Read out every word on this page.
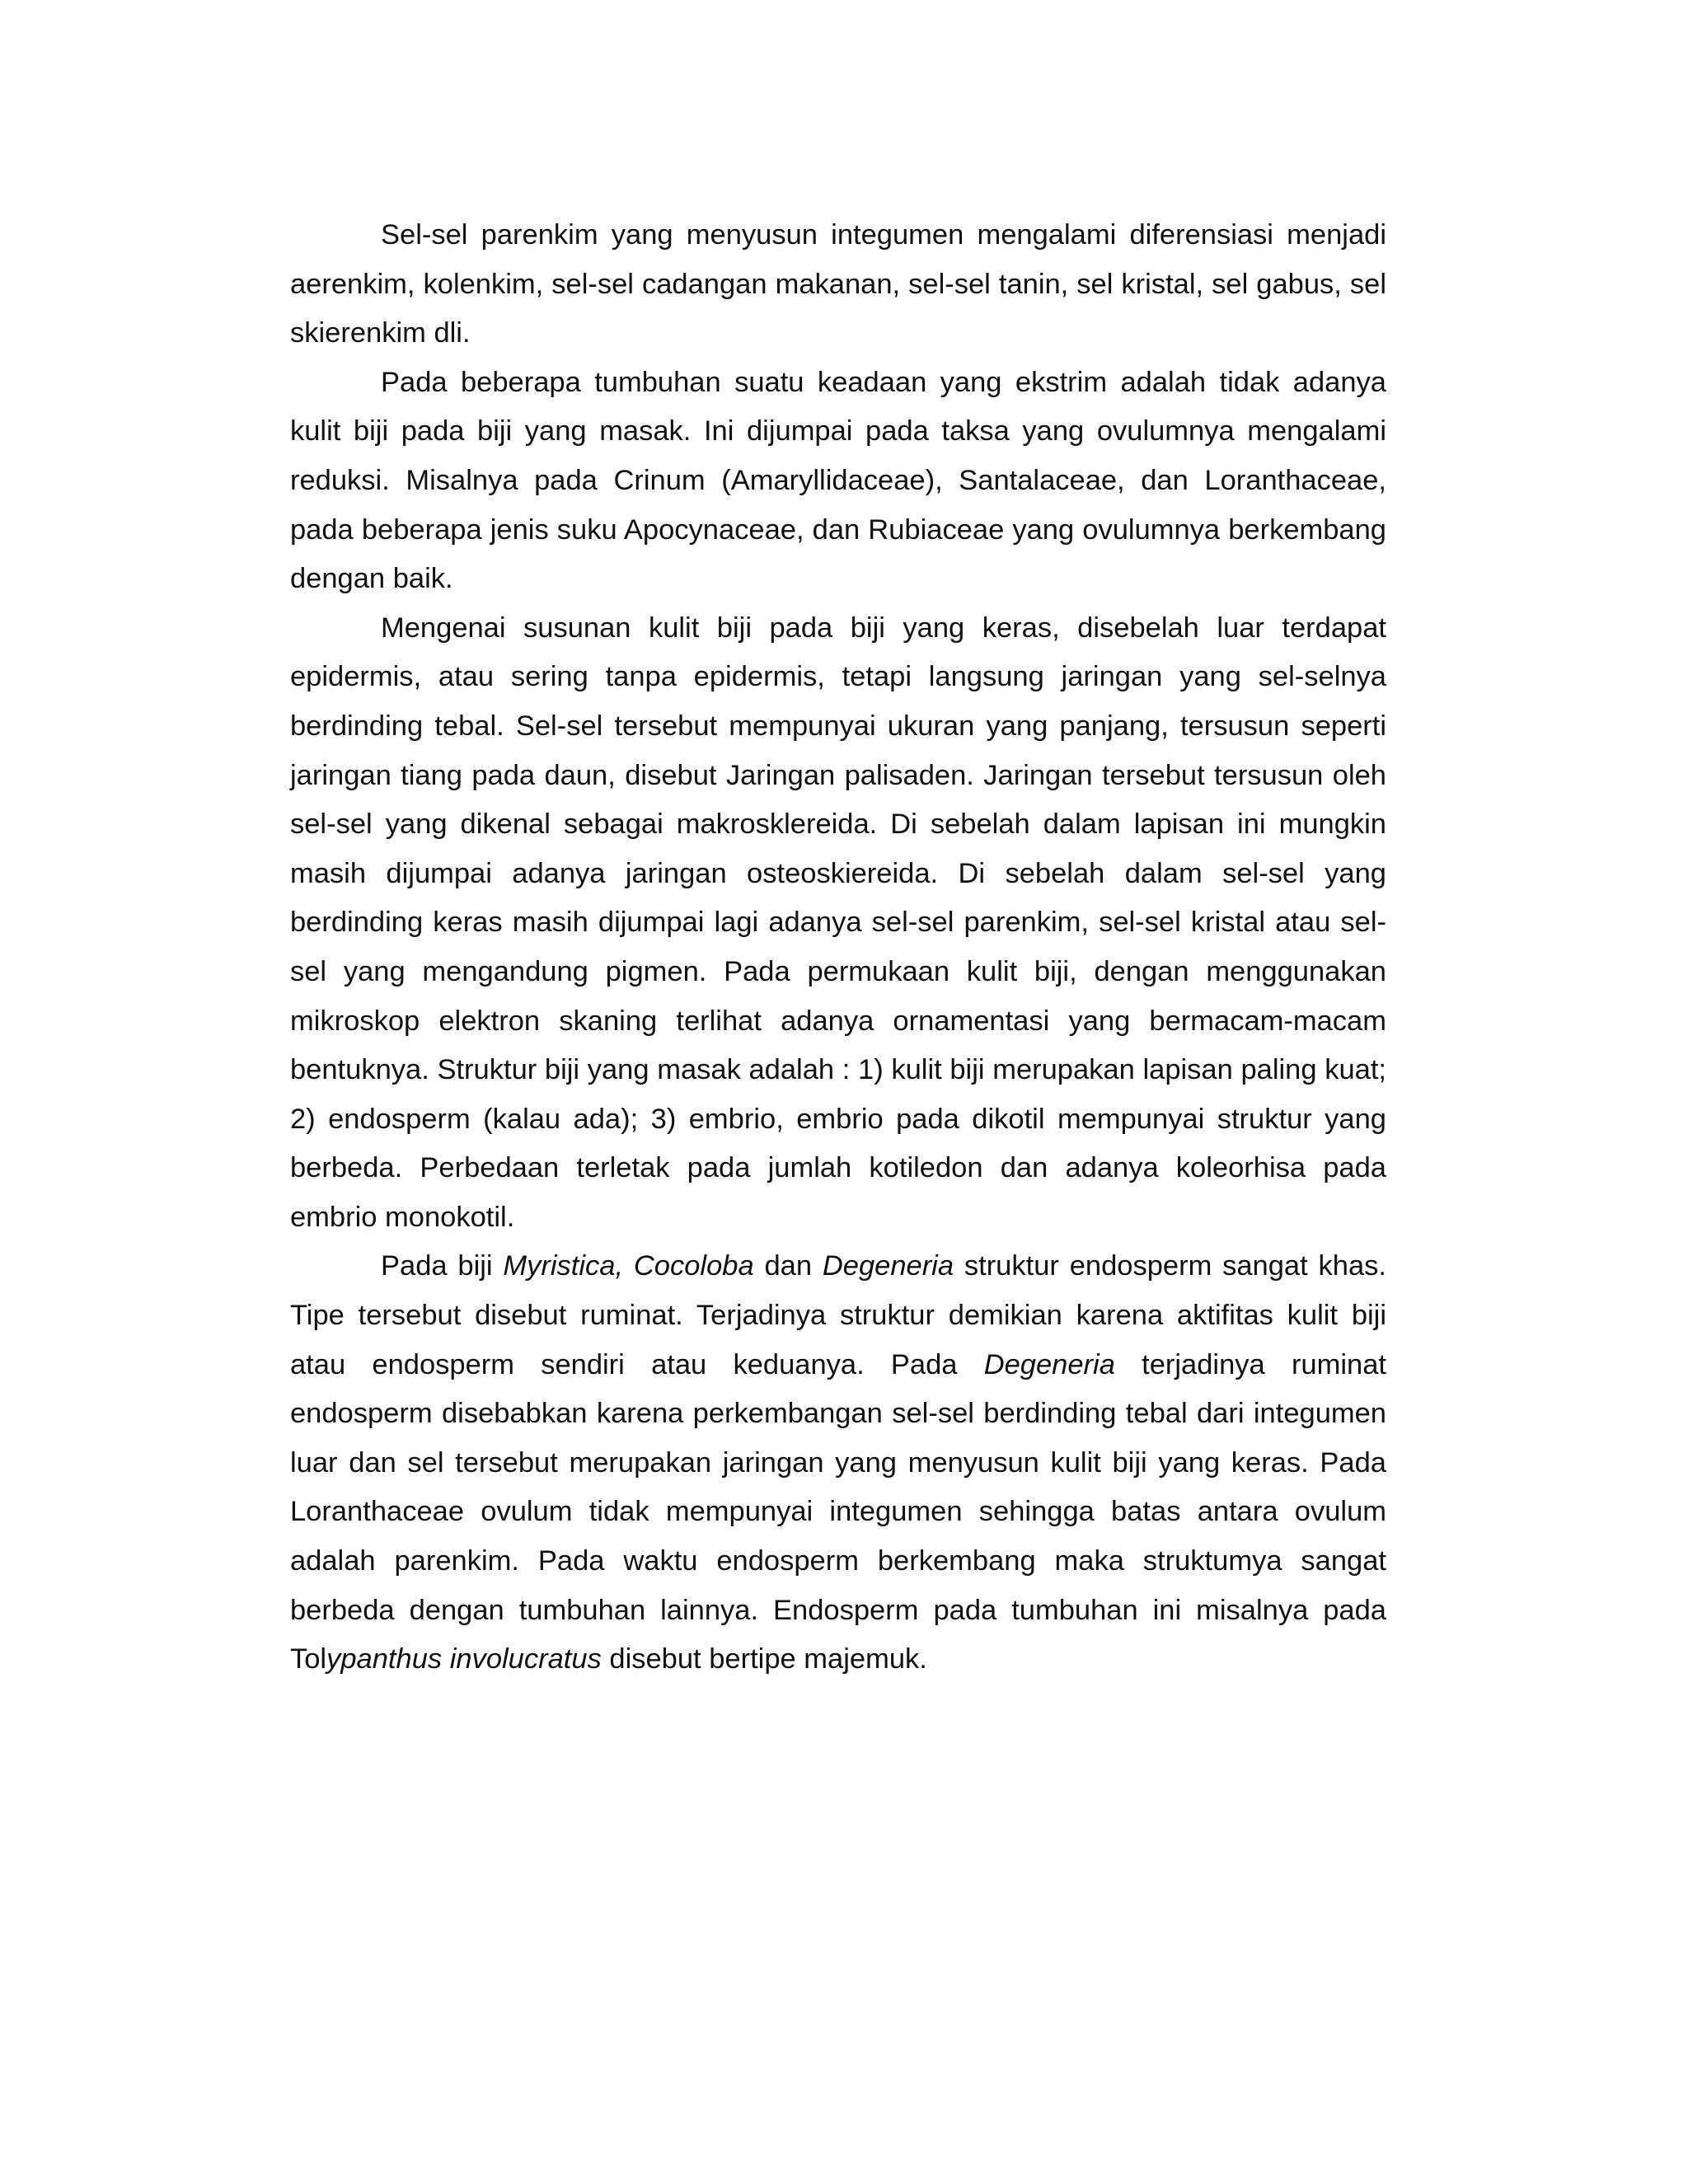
Sel-sel parenkim yang menyusun integumen mengalami diferensiasi menjadi aerenkim, kolenkim, sel-sel cadangan makanan, sel-sel tanin, sel kristal, sel gabus, sel skierenkim dli.

Pada beberapa tumbuhan suatu keadaan yang ekstrim adalah tidak adanya kulit biji pada biji yang masak. Ini dijumpai pada taksa yang ovulumnya mengalami reduksi. Misalnya pada Crinum (Amaryllidaceae), Santalaceae, dan Loranthaceae, pada beberapa jenis suku Apocynaceae, dan Rubiaceae yang ovulumnya berkembang dengan baik.

Mengenai susunan kulit biji pada biji yang keras, disebelah luar terdapat epidermis, atau sering tanpa epidermis, tetapi langsung jaringan yang sel-selnya berdinding tebal. Sel-sel tersebut mempunyai ukuran yang panjang, tersusun seperti jaringan tiang pada daun, disebut Jaringan palisaden. Jaringan tersebut tersusun oleh sel-sel yang dikenal sebagai makrosklereida. Di sebelah dalam lapisan ini mungkin masih dijumpai adanya jaringan osteoskiereida. Di sebelah dalam sel-sel yang berdinding keras masih dijumpai lagi adanya sel-sel parenkim, sel-sel kristal atau sel-sel yang mengandung pigmen. Pada permukaan kulit biji, dengan menggunakan mikroskop elektron skaning terlihat adanya ornamentasi yang bermacam-macam bentuknya. Struktur biji yang masak adalah : 1) kulit biji merupakan lapisan paling kuat; 2) endosperm (kalau ada); 3) embrio, embrio pada dikotil mempunyai struktur yang berbeda. Perbedaan terletak pada jumlah kotiledon dan adanya koleorhisa pada embrio monokotil.

Pada biji Myristica, Cocoloba dan Degeneria struktur endosperm sangat khas. Tipe tersebut disebut ruminat. Terjadinya struktur demikian karena aktifitas kulit biji atau endosperm sendiri atau keduanya. Pada Degeneria terjadinya ruminat endosperm disebabkan karena perkembangan sel-sel berdinding tebal dari integumen luar dan sel tersebut merupakan jaringan yang menyusun kulit biji yang keras. Pada Loranthaceae ovulum tidak mempunyai integumen sehingga batas antara ovulum adalah parenkim. Pada waktu endosperm berkembang maka struktumya sangat berbeda dengan tumbuhan lainnya. Endosperm pada tumbuhan ini misalnya pada Tolypanthus involucratus disebut bertipe majemuk.
